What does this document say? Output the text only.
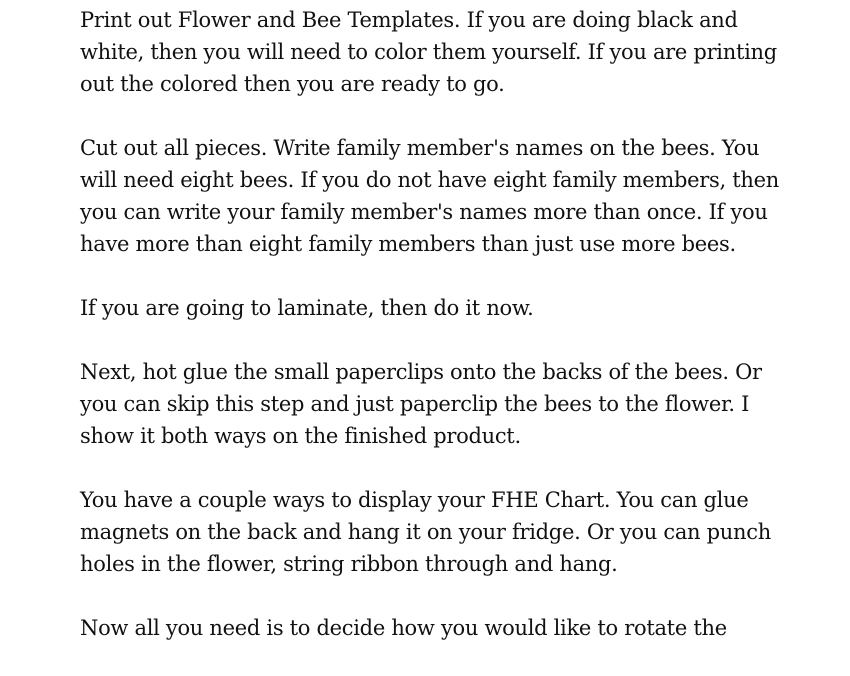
Print out Flower and Bee Templates. If you are doing black and white, then you will need to color them yourself. If you are printing out the colored then you are ready to go.

Cut out all pieces. Write family member's names on the bees. You will need eight bees. If you do not have eight family members, then you can write your family member's names more than once. If you have more than eight family members than just use more bees.

If you are going to laminate, then do it now.

Next, hot glue the small paperclips onto the backs of the bees. Or you can skip this step and just paperclip the bees to the flower. I show it both ways on the finished product.

You have a couple ways to display your FHE Chart. You can glue magnets on the back and hang it on your fridge. Or you can punch holes in the flower, string ribbon through and hang.

Now all you need is to decide how you would like to rotate the
